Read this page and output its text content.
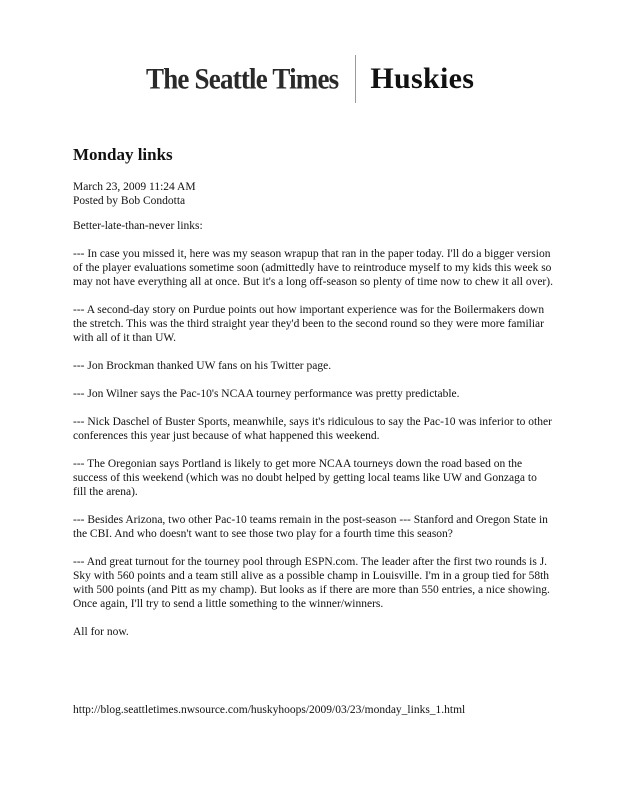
The Seattle Times Huskies
Monday links
March 23, 2009 11:24 AM
Posted by Bob Condotta
Better-late-than-never links:
--- In case you missed it, here was my season wrapup that ran in the paper today. I'll do a bigger version of the player evaluations sometime soon (admittedly have to reintroduce myself to my kids this week so may not have everything all at once. But it's a long off-season so plenty of time now to chew it all over).
--- A second-day story on Purdue points out how important experience was for the Boilermakers down the stretch. This was the third straight year they'd been to the second round so they were more familiar with all of it than UW.
--- Jon Brockman thanked UW fans on his Twitter page.
--- Jon Wilner says the Pac-10's NCAA tourney performance was pretty predictable.
--- Nick Daschel of Buster Sports, meanwhile, says it's ridiculous to say the Pac-10 was inferior to other conferences this year just because of what happened this weekend.
--- The Oregonian says Portland is likely to get more NCAA tourneys down the road based on the success of this weekend (which was no doubt helped by getting local teams like UW and Gonzaga to fill the arena).
--- Besides Arizona, two other Pac-10 teams remain in the post-season --- Stanford and Oregon State in the CBI. And who doesn't want to see those two play for a fourth time this season?
--- And great turnout for the tourney pool through ESPN.com. The leader after the first two rounds is J. Sky with 560 points and a team still alive as a possible champ in Louisville. I'm in a group tied for 58th with 500 points (and Pitt as my champ). But looks as if there are more than 550 entries, a nice showing. Once again, I'll try to send a little something to the winner/winners.
All for now.
http://blog.seattletimes.nwsource.com/huskyhoops/2009/03/23/monday_links_1.html
